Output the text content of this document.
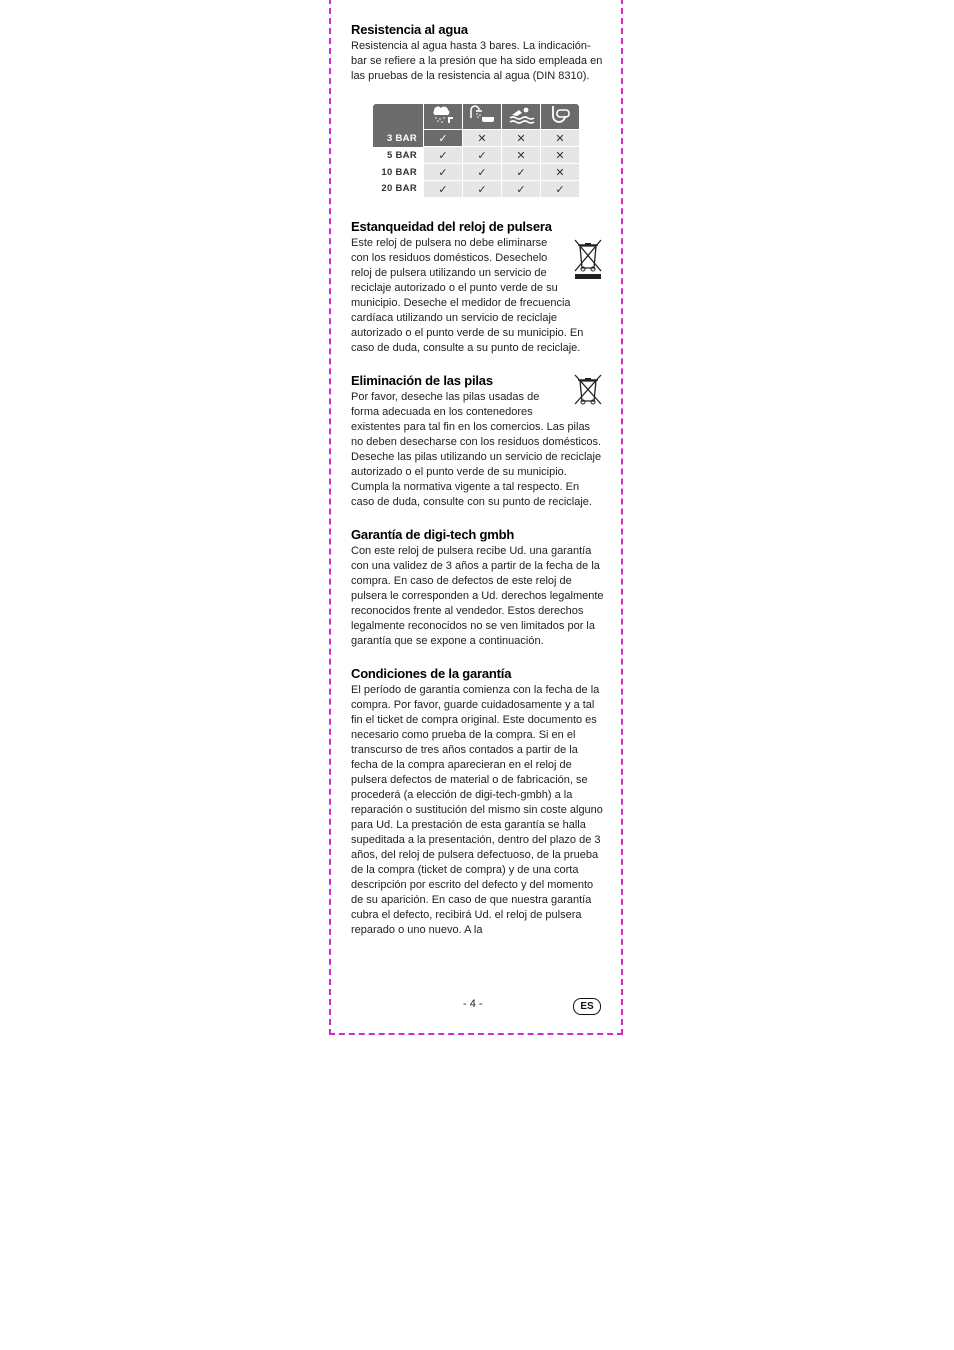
Resistencia al agua

Resistencia al agua hasta 3 bares. La indicación-bar se refiere a la presión que ha sido empleada en las pruebas de la resistencia al agua (DIN 8310).

3 BAR	✓	✕	✕	✕
5 BAR	✓	✓	✕	✕
10 BAR	✓	✓	✓	✕
20 BAR	✓	✓	✓	✓
Estanqueidad del reloj de pulsera

Este reloj de pulsera no debe eliminarse con los residuos domésticos. Desechelo reloj de pulsera utilizando un servicio de reciclaje autorizado o el punto verde de su municipio. Deseche el medidor de frecuencia cardíaca utilizando un servicio de reciclaje autorizado o el punto verde de su municipio. En caso de duda, consulte a su punto de reciclaje.

Eliminación de las pilas

Por favor, deseche las pilas usadas de forma adecuada en los contenedores existentes para tal fin en los comercios. Las pilas no deben desecharse con los residuos domésticos. Deseche las pilas utilizando un servicio de reciclaje autorizado o el punto verde de su municipio. Cumpla la normativa vigente a tal respecto. En caso de duda, consulte con su punto de reciclaje.

Garantía de digi-tech gmbh

Con este reloj de pulsera recibe Ud. una garantía con una validez de 3 años a partir de la fecha de la compra. En caso de defectos de este reloj de pulsera le corresponden a Ud. derechos legalmente reconocidos frente al vendedor. Estos derechos legalmente reconocidos no se ven limitados por la garantía que se expone a continuación.

Condiciones de la garantía

El período de garantía comienza con la fecha de la compra. Por favor, guarde cuidadosamente y a tal fin el ticket de compra original. Este documento es necesario como prueba de la compra. Si en el transcurso de tres años contados a partir de la fecha de la compra aparecieran en el reloj de pulsera defectos de material o de fabricación, se procederá (a elección de digi-tech-gmbh) a la reparación o sustitución del mismo sin coste alguno para Ud. La prestación de esta garantía se halla supeditada a la presentación, dentro del plazo de 3 años, del reloj de pulsera defectuoso, de la prueba de la compra (ticket de compra) y de una corta descripción por escrito del defecto y del momento de su aparición. En caso de que nuestra garantía cubra el defecto, recibirá Ud. el reloj de pulsera reparado o uno nuevo. A la

- 4 -	ES
